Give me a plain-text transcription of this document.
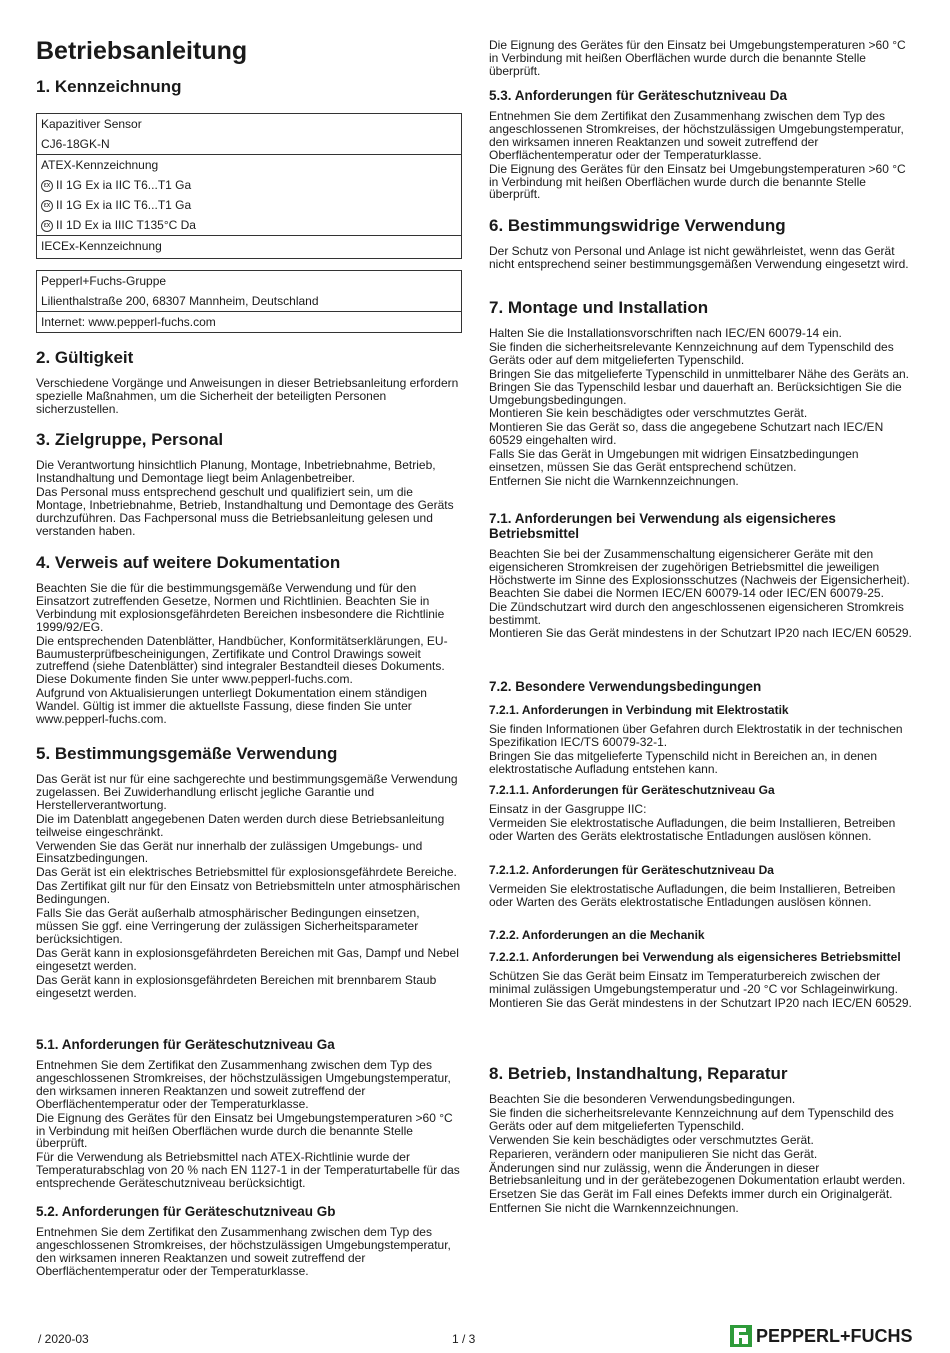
Betriebsanleitung
1. Kennzeichnung
Kapazitiver Sensor
CJ6-18GK-N
ATEX-Kennzeichnung
εx II 1G Ex ia IIC T6...T1 Ga
εx II 1G Ex ia IIC T6...T1 Ga
εx II 1D Ex ia IIIC T135°C Da
IECEx-Kennzeichnung
Pepperl+Fuchs-Gruppe
Lilienthalstraße 200, 68307 Mannheim, Deutschland
Internet: www.pepperl-fuchs.com
2. Gültigkeit

Verschiedene Vorgänge und Anweisungen in dieser Betriebsanleitung erfordern spezielle Maßnahmen, um die Sicherheit der beteiligten Personen sicherzustellen.

3. Zielgruppe, Personal

Die Verantwortung hinsichtlich Planung, Montage, Inbetriebnahme, Betrieb, Instandhaltung und Demontage liegt beim Anlagenbetreiber.

Das Personal muss entsprechend geschult und qualifiziert sein, um die Montage, Inbetriebnahme, Betrieb, Instandhaltung und Demontage des Geräts durchzuführen. Das Fachpersonal muss die Betriebsanleitung gelesen und verstanden haben.

4. Verweis auf weitere Dokumentation

Beachten Sie die für die bestimmungsgemäße Verwendung und für den Einsatzort zutreffenden Gesetze, Normen und Richtlinien. Beachten Sie in Verbindung mit explosionsgefährdeten Bereichen insbesondere die Richtlinie 1999/92/EG.

Die entsprechenden Datenblätter, Handbücher, Konformitätserklärungen, EU-Baumusterprüfbescheinigungen, Zertifikate und Control Drawings soweit zutreffend (siehe Datenblätter) sind integraler Bestandteil dieses Dokuments. Diese Dokumente finden Sie unter www.pepperl-fuchs.com.

Aufgrund von Aktualisierungen unterliegt Dokumentation einem ständigen Wandel. Gültig ist immer die aktuellste Fassung, diese finden Sie unter www.pepperl-fuchs.com.

5. Bestimmungsgemäße Verwendung

Das Gerät ist nur für eine sachgerechte und bestimmungsgemäße Verwendung zugelassen. Bei Zuwiderhandlung erlischt jegliche Garantie und Herstellerverantwortung.

Die im Datenblatt angegebenen Daten werden durch diese Betriebsanleitung teilweise eingeschränkt.

Verwenden Sie das Gerät nur innerhalb der zulässigen Umgebungs- und Einsatzbedingungen.

Das Gerät ist ein elektrisches Betriebsmittel für explosionsgefährdete Bereiche.

Das Zertifikat gilt nur für den Einsatz von Betriebsmitteln unter atmosphärischen Bedingungen.

Falls Sie das Gerät außerhalb atmosphärischer Bedingungen einsetzen, müssen Sie ggf. eine Verringerung der zulässigen Sicherheitsparameter berücksichtigen.

Das Gerät kann in explosionsgefährdeten Bereichen mit Gas, Dampf und Nebel eingesetzt werden.

Das Gerät kann in explosionsgefährdeten Bereichen mit brennbarem Staub eingesetzt werden.

5.1. Anforderungen für Geräteschutzniveau Ga

Entnehmen Sie dem Zertifikat den Zusammenhang zwischen dem Typ des angeschlossenen Stromkreises, der höchstzulässigen Umgebungstemperatur, den wirksamen inneren Reaktanzen und soweit zutreffend der Oberflächentemperatur oder der Temperaturklasse.

Die Eignung des Gerätes für den Einsatz bei Umgebungstemperaturen >60 °C in Verbindung mit heißen Oberflächen wurde durch die benannte Stelle überprüft.

Für die Verwendung als Betriebsmittel nach ATEX-Richtlinie wurde der Temperaturabschlag von 20 % nach EN 1127-1 in der Temperaturtabelle für das entsprechende Geräteschutzniveau berücksichtigt.

5.2. Anforderungen für Geräteschutzniveau Gb

Entnehmen Sie dem Zertifikat den Zusammenhang zwischen dem Typ des angeschlossenen Stromkreises, der höchstzulässigen Umgebungstemperatur, den wirksamen inneren Reaktanzen und soweit zutreffend der Oberflächentemperatur oder der Temperaturklasse.

Die Eignung des Gerätes für den Einsatz bei Umgebungstemperaturen >60 °C in Verbindung mit heißen Oberflächen wurde durch die benannte Stelle überprüft.

5.3. Anforderungen für Geräteschutzniveau Da

Entnehmen Sie dem Zertifikat den Zusammenhang zwischen dem Typ des angeschlossenen Stromkreises, der höchstzulässigen Umgebungstemperatur, den wirksamen inneren Reaktanzen und soweit zutreffend der Oberflächentemperatur oder der Temperaturklasse.

Die Eignung des Gerätes für den Einsatz bei Umgebungstemperaturen >60 °C in Verbindung mit heißen Oberflächen wurde durch die benannte Stelle überprüft.

6. Bestimmungswidrige Verwendung

Der Schutz von Personal und Anlage ist nicht gewährleistet, wenn das Gerät nicht entsprechend seiner bestimmungsgemäßen Verwendung eingesetzt wird.

7. Montage und Installation

Halten Sie die Installationsvorschriften nach IEC/EN 60079-14 ein.

Sie finden die sicherheitsrelevante Kennzeichnung auf dem Typenschild des Geräts oder auf dem mitgelieferten Typenschild.

Bringen Sie das mitgelieferte Typenschild in unmittelbarer Nähe des Geräts an. Bringen Sie das Typenschild lesbar und dauerhaft an. Berücksichtigen Sie die Umgebungsbedingungen.

Montieren Sie kein beschädigtes oder verschmutztes Gerät.

Montieren Sie das Gerät so, dass die angegebene Schutzart nach IEC/EN 60529 eingehalten wird.

Falls Sie das Gerät in Umgebungen mit widrigen Einsatzbedingungen einsetzen, müssen Sie das Gerät entsprechend schützen.

Entfernen Sie nicht die Warnkennzeichnungen.

7.1. Anforderungen bei Verwendung als eigensicheres Betriebsmittel

Beachten Sie bei der Zusammenschaltung eigensicherer Geräte mit den eigensicheren Stromkreisen der zugehörigen Betriebsmittel die jeweiligen Höchstwerte im Sinne des Explosionsschutzes (Nachweis der Eigensicherheit). Beachten Sie dabei die Normen IEC/EN 60079-14 oder IEC/EN 60079-25.

Die Zündschutzart wird durch den angeschlossenen eigensicheren Stromkreis bestimmt.

Montieren Sie das Gerät mindestens in der Schutzart IP20 nach IEC/EN 60529.

7.2. Besondere Verwendungsbedingungen
7.2.1. Anforderungen in Verbindung mit Elektrostatik

Sie finden Informationen über Gefahren durch Elektrostatik in der technischen Spezifikation IEC/TS 60079-32-1.

Bringen Sie das mitgelieferte Typenschild nicht in Bereichen an, in denen elektrostatische Aufladung entstehen kann.

7.2.1.1. Anforderungen für Geräteschutzniveau Ga

Einsatz in der Gasgruppe IIC:

Vermeiden Sie elektrostatische Aufladungen, die beim Installieren, Betreiben oder Warten des Geräts elektrostatische Entladungen auslösen können.

7.2.1.2. Anforderungen für Geräteschutzniveau Da

Vermeiden Sie elektrostatische Aufladungen, die beim Installieren, Betreiben oder Warten des Geräts elektrostatische Entladungen auslösen können.

7.2.2. Anforderungen an die Mechanik
7.2.2.1. Anforderungen bei Verwendung als eigensicheres Betriebsmittel

Schützen Sie das Gerät beim Einsatz im Temperaturbereich zwischen der minimal zulässigen Umgebungstemperatur und -20 °C vor Schlageinwirkung.

Montieren Sie das Gerät mindestens in der Schutzart IP20 nach IEC/EN 60529.

8. Betrieb, Instandhaltung, Reparatur

Beachten Sie die besonderen Verwendungsbedingungen.

Sie finden die sicherheitsrelevante Kennzeichnung auf dem Typenschild des Geräts oder auf dem mitgelieferten Typenschild.

Verwenden Sie kein beschädigtes oder verschmutztes Gerät.

Reparieren, verändern oder manipulieren Sie nicht das Gerät.

Änderungen sind nur zulässig, wenn die Änderungen in dieser Betriebsanleitung und in der gerätebezogenen Dokumentation erlaubt werden.

Ersetzen Sie das Gerät im Fall eines Defekts immer durch ein Originalgerät.

Entfernen Sie nicht die Warnkennzeichnungen.

/ 2020-03	1 / 3	PEPPERL+FUCHS
